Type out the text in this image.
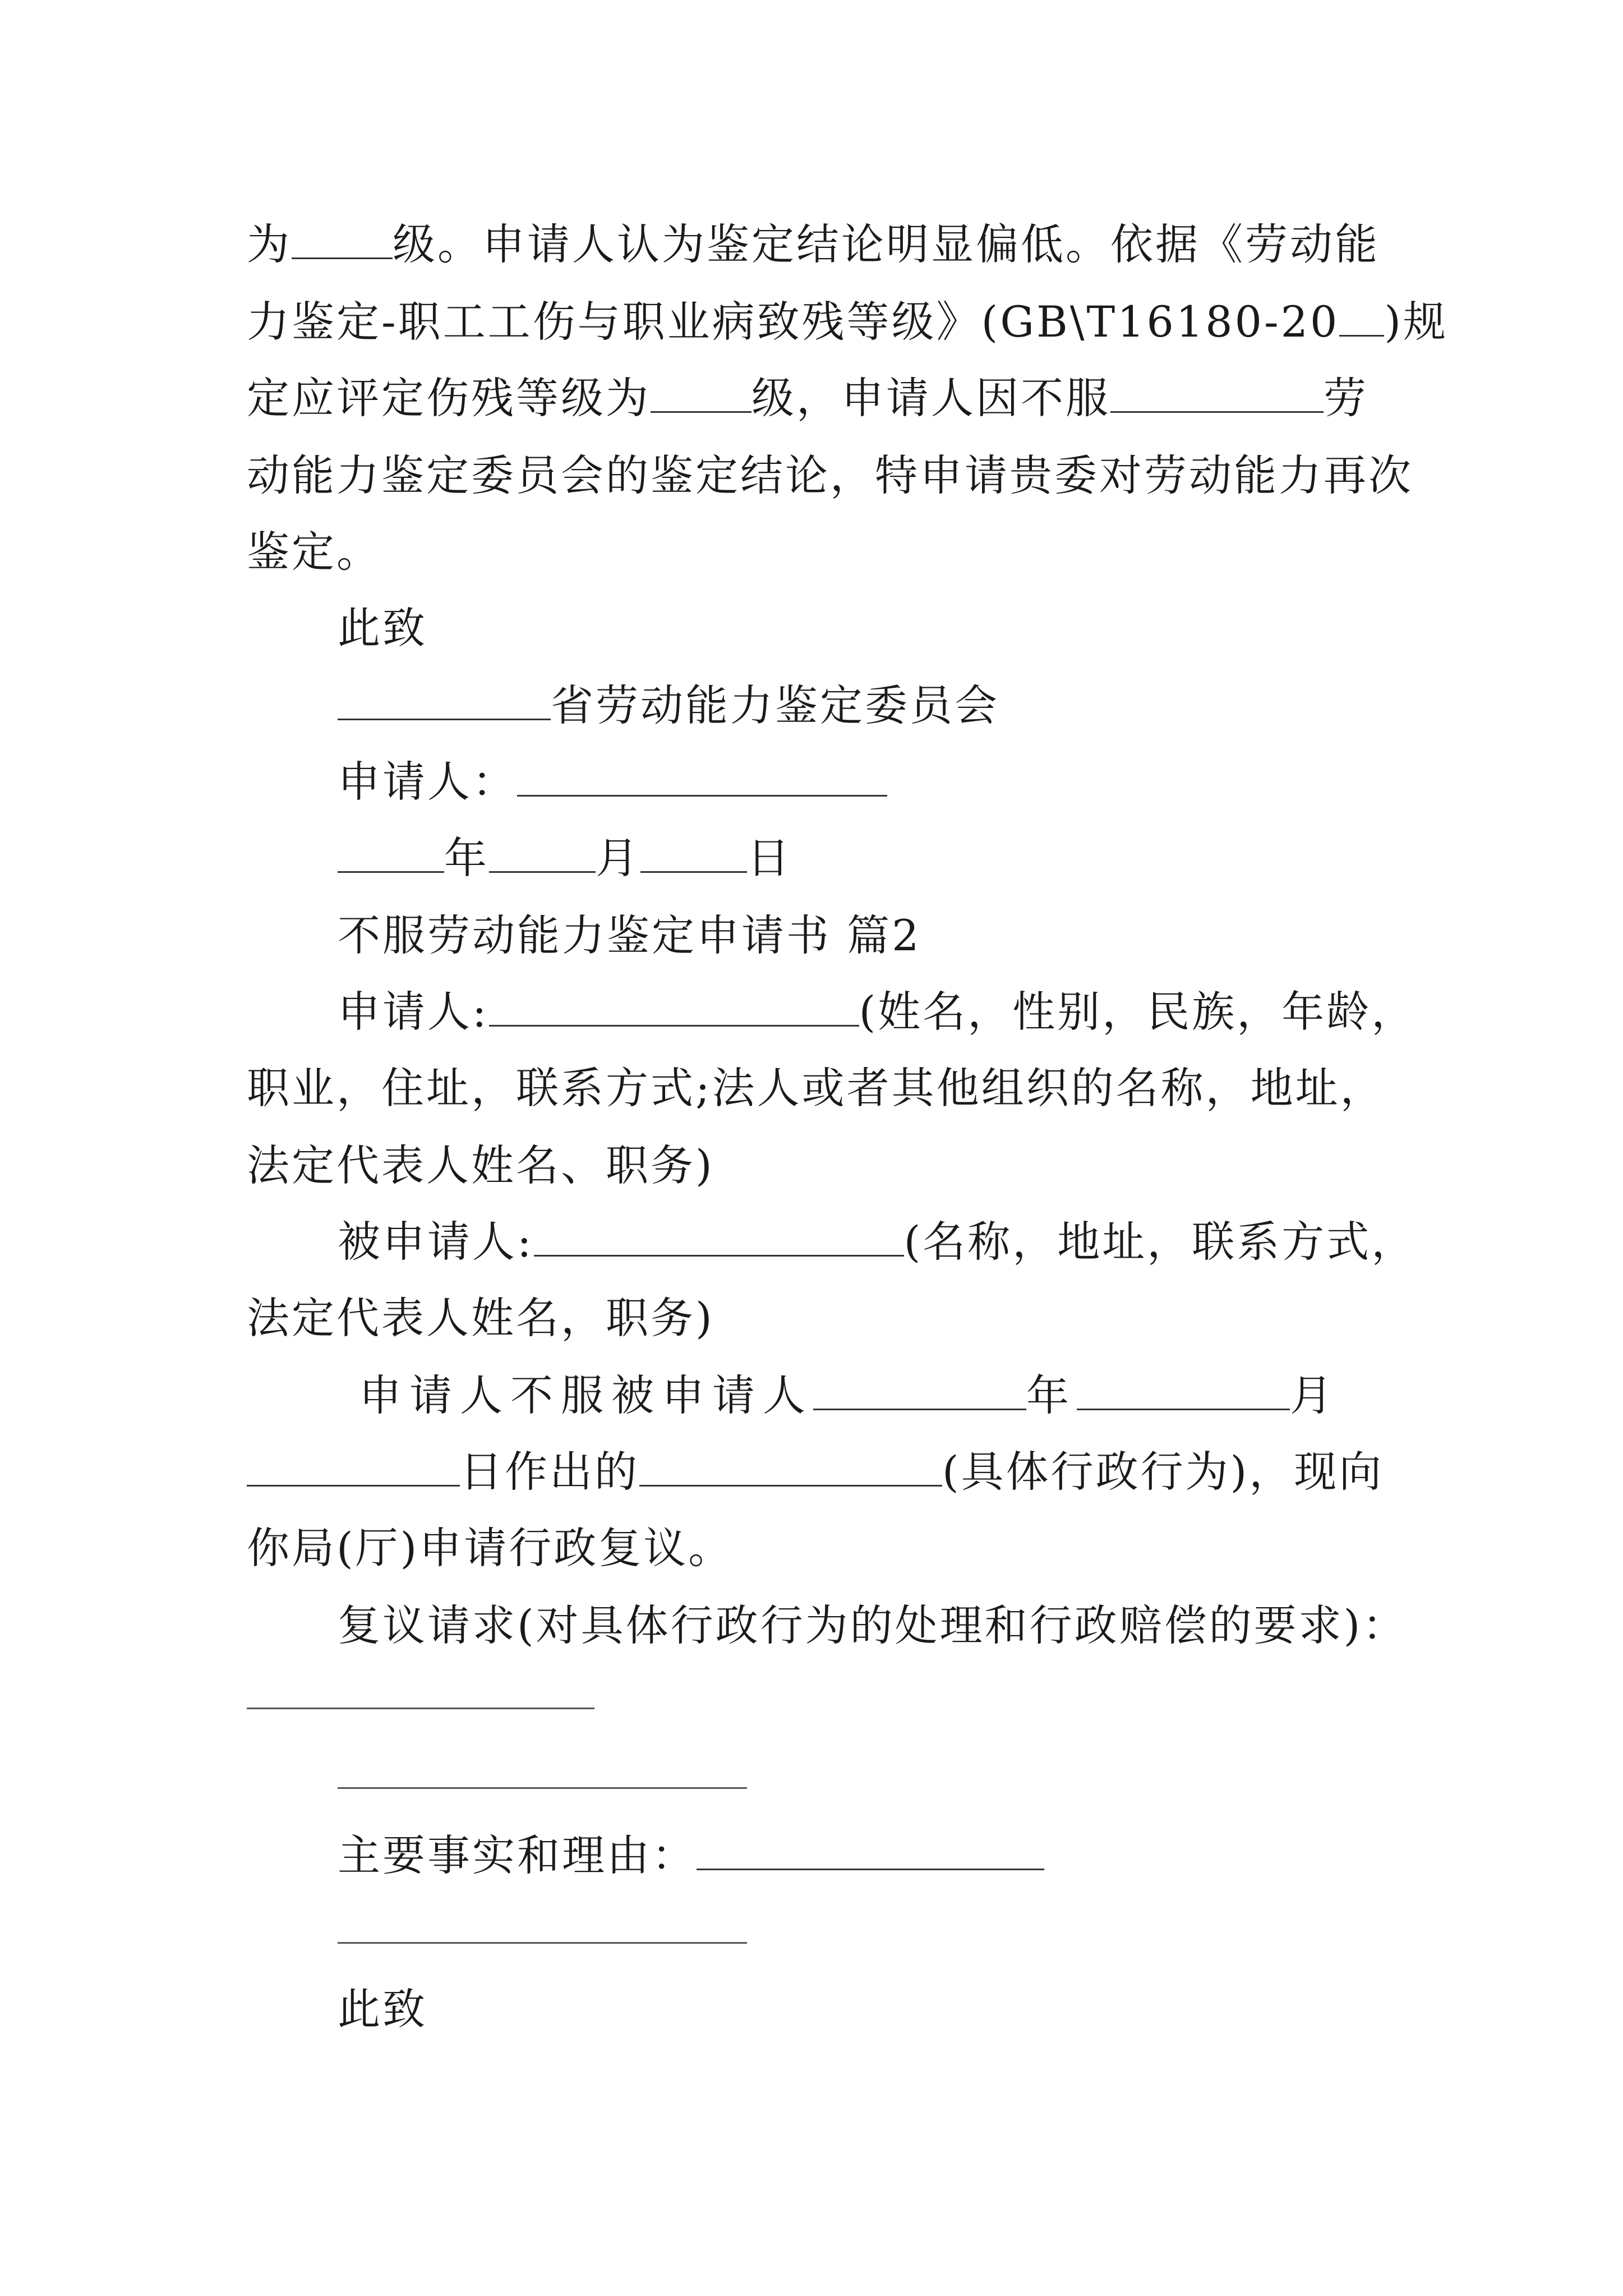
为 级。申请人认为鉴定结论明显偏低。依据《劳动能
力鉴定-职工工伤与职业病致残等级》(GB\T16180-20 )规
定应评定伤残等级为 级，申请人因不服	劳
动能力鉴定委员会的鉴定结论，特申请贵委对劳动能力再次
鉴定。
此致
省劳动能力鉴定委员会
申请人：
年	月	日
不服劳动能力鉴定申请书 篇2
申请人:	(姓名，性别，民族，年龄，
职业，住址，联系方式;法人或者其他组织的名称，地址，
法定代表人姓名、职务)
被申请人:	(名称，地址，联系方式，
法定代表人姓名，职务)
申请人不服被申请人	年	月
日作出的	(具体行政行为)，现向
你局(厅)申请行政复议。
复议请求(对具体行政行为的处理和行政赔偿的要求)：
主要事实和理由：
此致
